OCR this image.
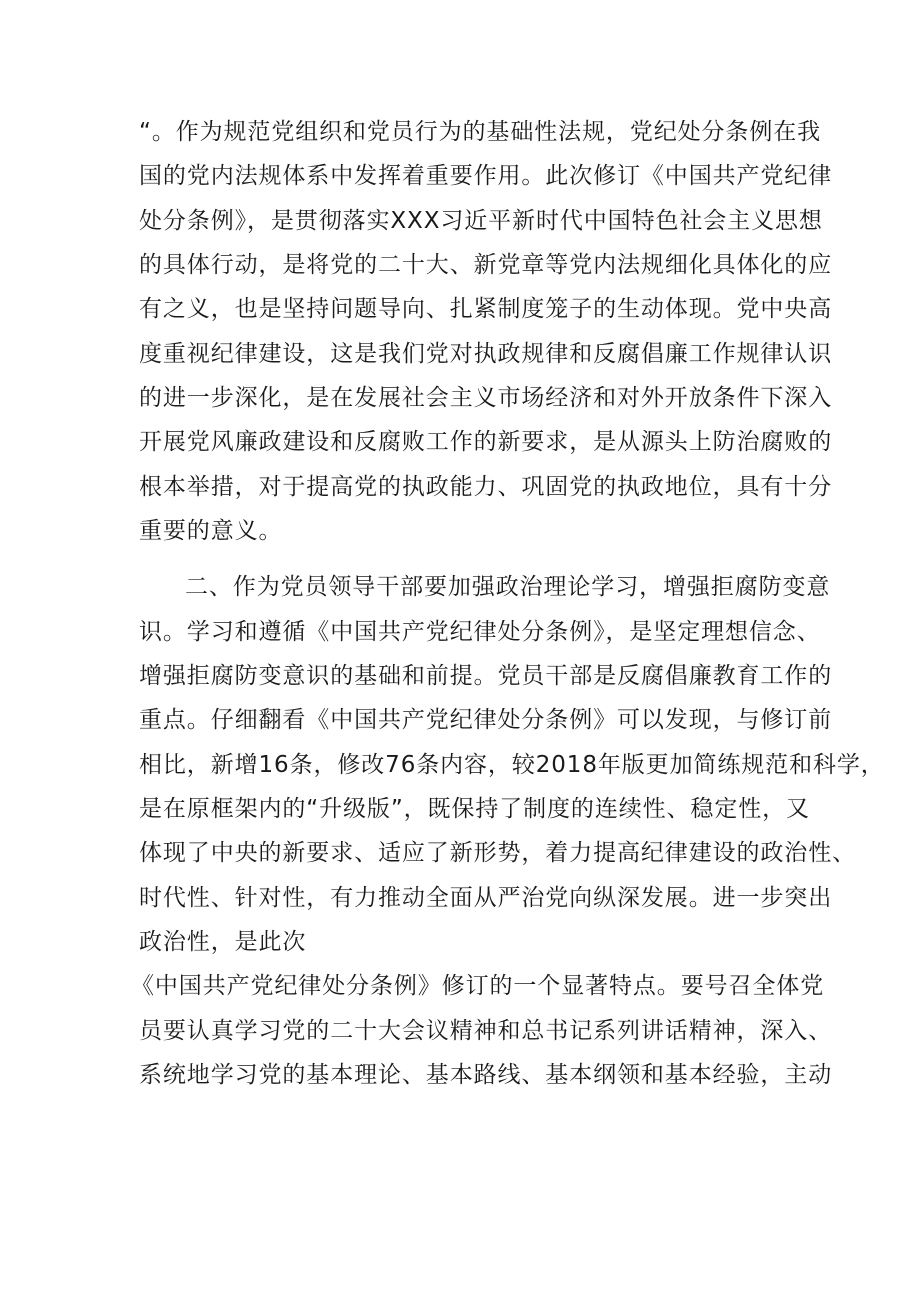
“。作为规范党组织和党员行为的基础性法规，党纪处分条例在我
国的党内法规体系中发挥着重要作用。此次修订《中国共产党纪律
处分条例》，是贯彻落实XXX习近平新时代中国特色社会主义思想
的具体行动，是将党的二十大、新党章等党内法规细化具体化的应
有之义，也是坚持问题导向、扎紧制度笼子的生动体现。党中央高
度重视纪律建设，这是我们党对执政规律和反腐倡廉工作规律认识
的进一步深化，是在发展社会主义市场经济和对外开放条件下深入
开展党风廉政建设和反腐败工作的新要求，是从源头上防治腐败的
根本举措，对于提高党的执政能力、巩固党的执政地位，具有十分
重要的意义。
二、作为党员领导干部要加强政治理论学习，增强拒腐防变意
识。学习和遵循《中国共产党纪律处分条例》，是坚定理想信念、
增强拒腐防变意识的基础和前提。党员干部是反腐倡廉教育工作的
重点。仔细翻看《中国共产党纪律处分条例》可以发现，与修订前
相比，新增16条，修改76条内容，较2018年版更加简练规范和科学，
是在原框架内的“升级版”，既保持了制度的连续性、稳定性，又
体现了中央的新要求、适应了新形势，着力提高纪律建设的政治性、
时代性、针对性，有力推动全面从严治党向纵深发展。进一步突出
政治性，是此次
《中国共产党纪律处分条例》修订的一个显著特点。要号召全体党
员要认真学习党的二十大会议精神和总书记系列讲话精神，深入、
系统地学习党的基本理论、基本路线、基本纲领和基本经验，主动
